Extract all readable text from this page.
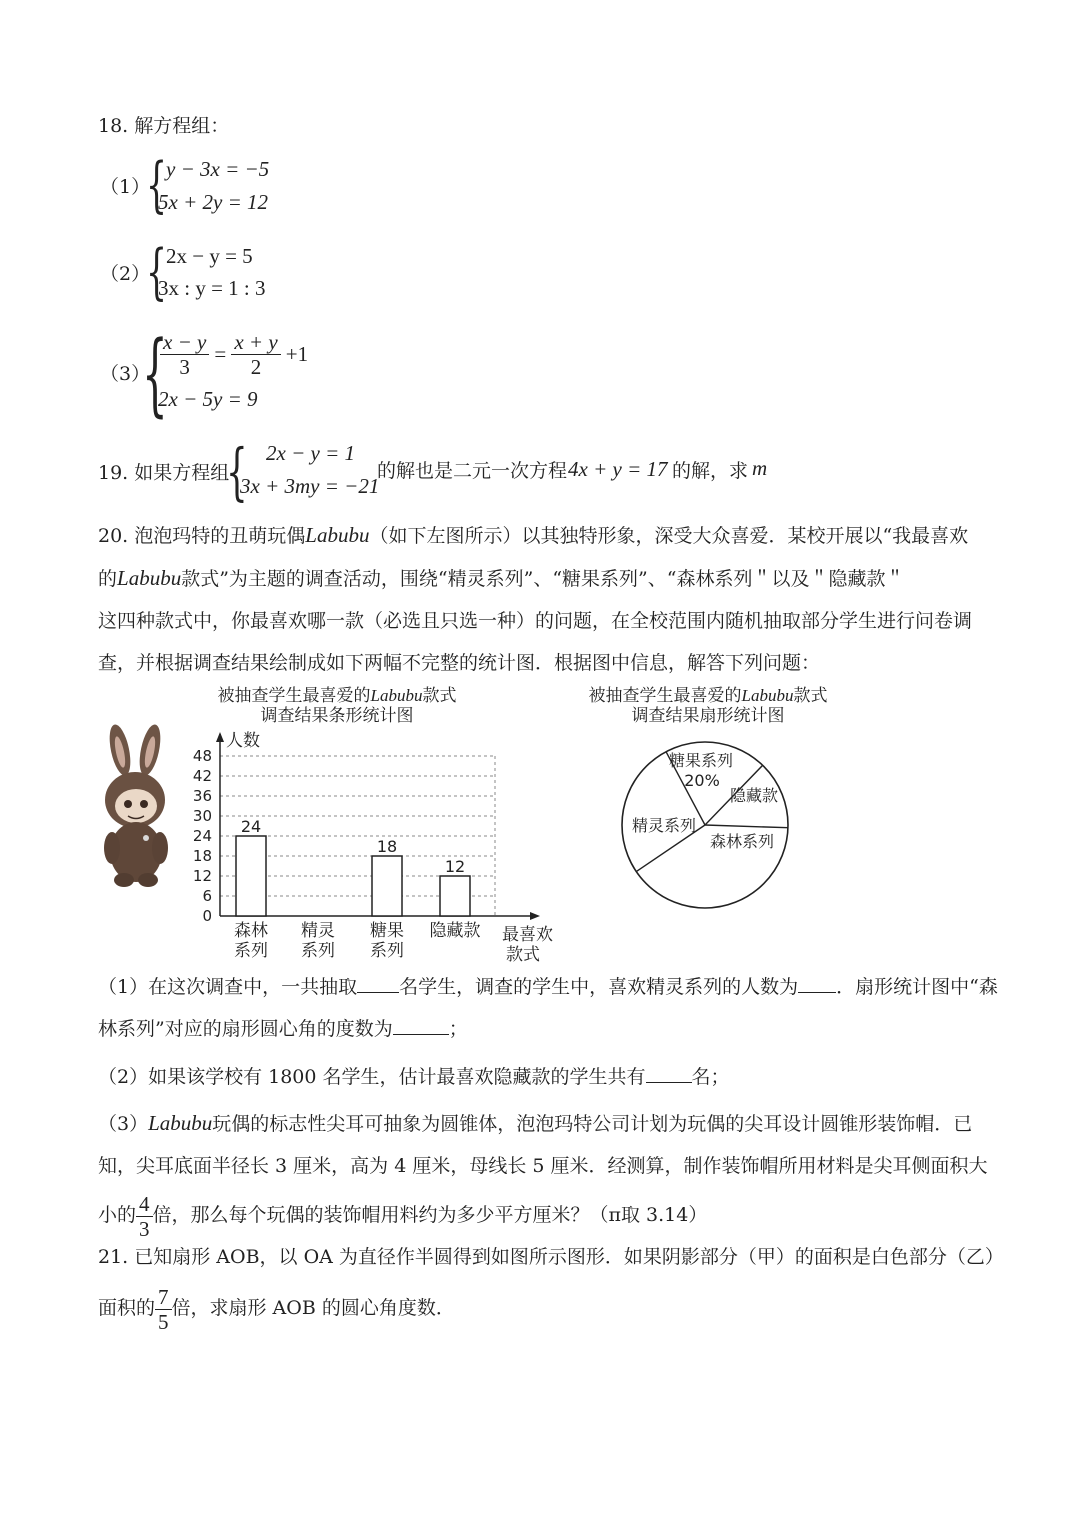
18. 解方程组：
（1）
{
y − 3x = −5
5x + 2y = 12
（2）
{
2x − y = 5
3x : y = 1 : 3
（3）
{
$\frac{x - y}{3} = \frac{x + y}{2} +1$
2x − 5y = 9
19. 如果方程组
{ 2x − y = 1
3x + 3my = −21
的解也是二元一次方程 4x + y = 17 的解，求 m
20. 泡泡玛特的丑萌玩偶Labubu（如下左图所示）以其独特形象，深受大众喜爱．某校开展以“我最喜欢
的Labubu款式”为主题的调查活动，围绕“精灵系列”、“糖果系列”、“森林系列＂以及＂隐藏款＂
这四种款式中，你最喜欢哪一款（必选且只选一种）的问题，在全校范围内随机抽取部分学生进行问卷调
查，并根据调查结果绘制成如下两幅不完整的统计图．根据图中信息，解答下列问题：
被抽查学生最喜爱的Labubu款式
调查结果条形统计图
被抽查学生最喜爱的Labubu款式
调查结果扇形统计图
0
6
12
18
24
30
36
42
48
人数
最喜欢款式
24
森林系列
精灵系列
18
糖果系列
12
隐藏款
糖果系列
20%
隐藏款
森林系列
精灵系列
（1）在这次调查中，一共抽取 名学生，调查的学生中，喜欢精灵系列的人数为 ．扇形统计图中“森
林系列”对应的扇形圆心角的度数为	；
（2）如果该学校有 1800 名学生，估计最喜欢隐藏款的学生共有 名；
（3）Labubu玩偶的标志性尖耳可抽象为圆锥体，泡泡玛特公司计划为玩偶的尖耳设计圆锥形装饰帽．已
知，尖耳底面半径长 3 厘米，高为 4 厘米，母线长 5 厘米．经测算，制作装饰帽所用材料是尖耳侧面积大
小的 $\frac{4}{3}$ 倍，那么每个玩偶的装饰帽用料约为多少平方厘米？（π取 3.14）
21. 已知扇形 AOB，以 OA 为直径作半圆得到如图所示图形．如果阴影部分（甲）的面积是白色部分（乙）
面积的 $\frac{7}{5}$ 倍，求扇形 AOB 的圆心角度数．
